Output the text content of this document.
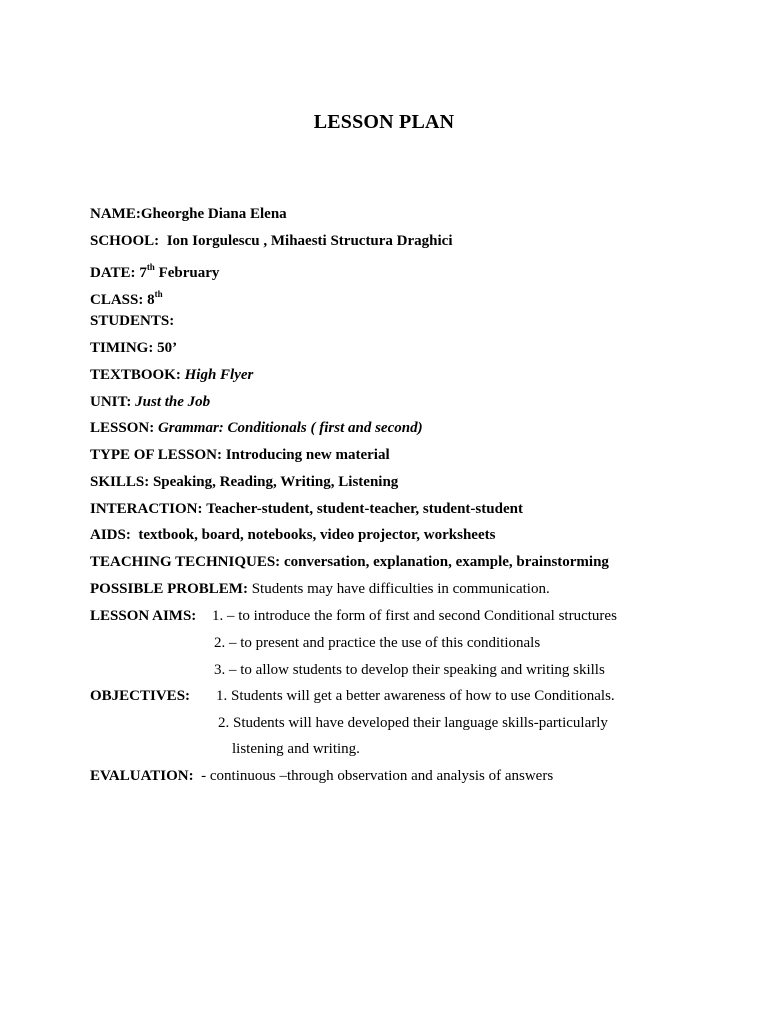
LESSON PLAN
NAME:Gheorghe Diana Elena
SCHOOL: Ion Iorgulescu , Mihaesti Structura Draghici
DATE: 7th February
CLASS: 8th
STUDENTS:
TIMING: 50’
TEXTBOOK: High Flyer
UNIT: Just the Job
LESSON: Grammar: Conditionals ( first and second)
TYPE OF LESSON: Introducing new material
SKILLS: Speaking, Reading, Writing, Listening
INTERACTION: Teacher-student, student-teacher, student-student
AIDS: textbook, board, notebooks, video projector, worksheets
TEACHING TECHNIQUES: conversation, explanation, example, brainstorming
POSSIBLE PROBLEM: Students may have difficulties in communication.
LESSON AIMS: 1. – to introduce the form of first and second Conditional structures
2. – to present and practice the use of this conditionals
3. – to allow students to develop their speaking and writing skills
OBJECTIVES: 1. Students will get a better awareness of how to use Conditionals.
2. Students will have developed their language skills-particularly
listening and writing.
EVALUATION: - continuous –through observation and analysis of answers
